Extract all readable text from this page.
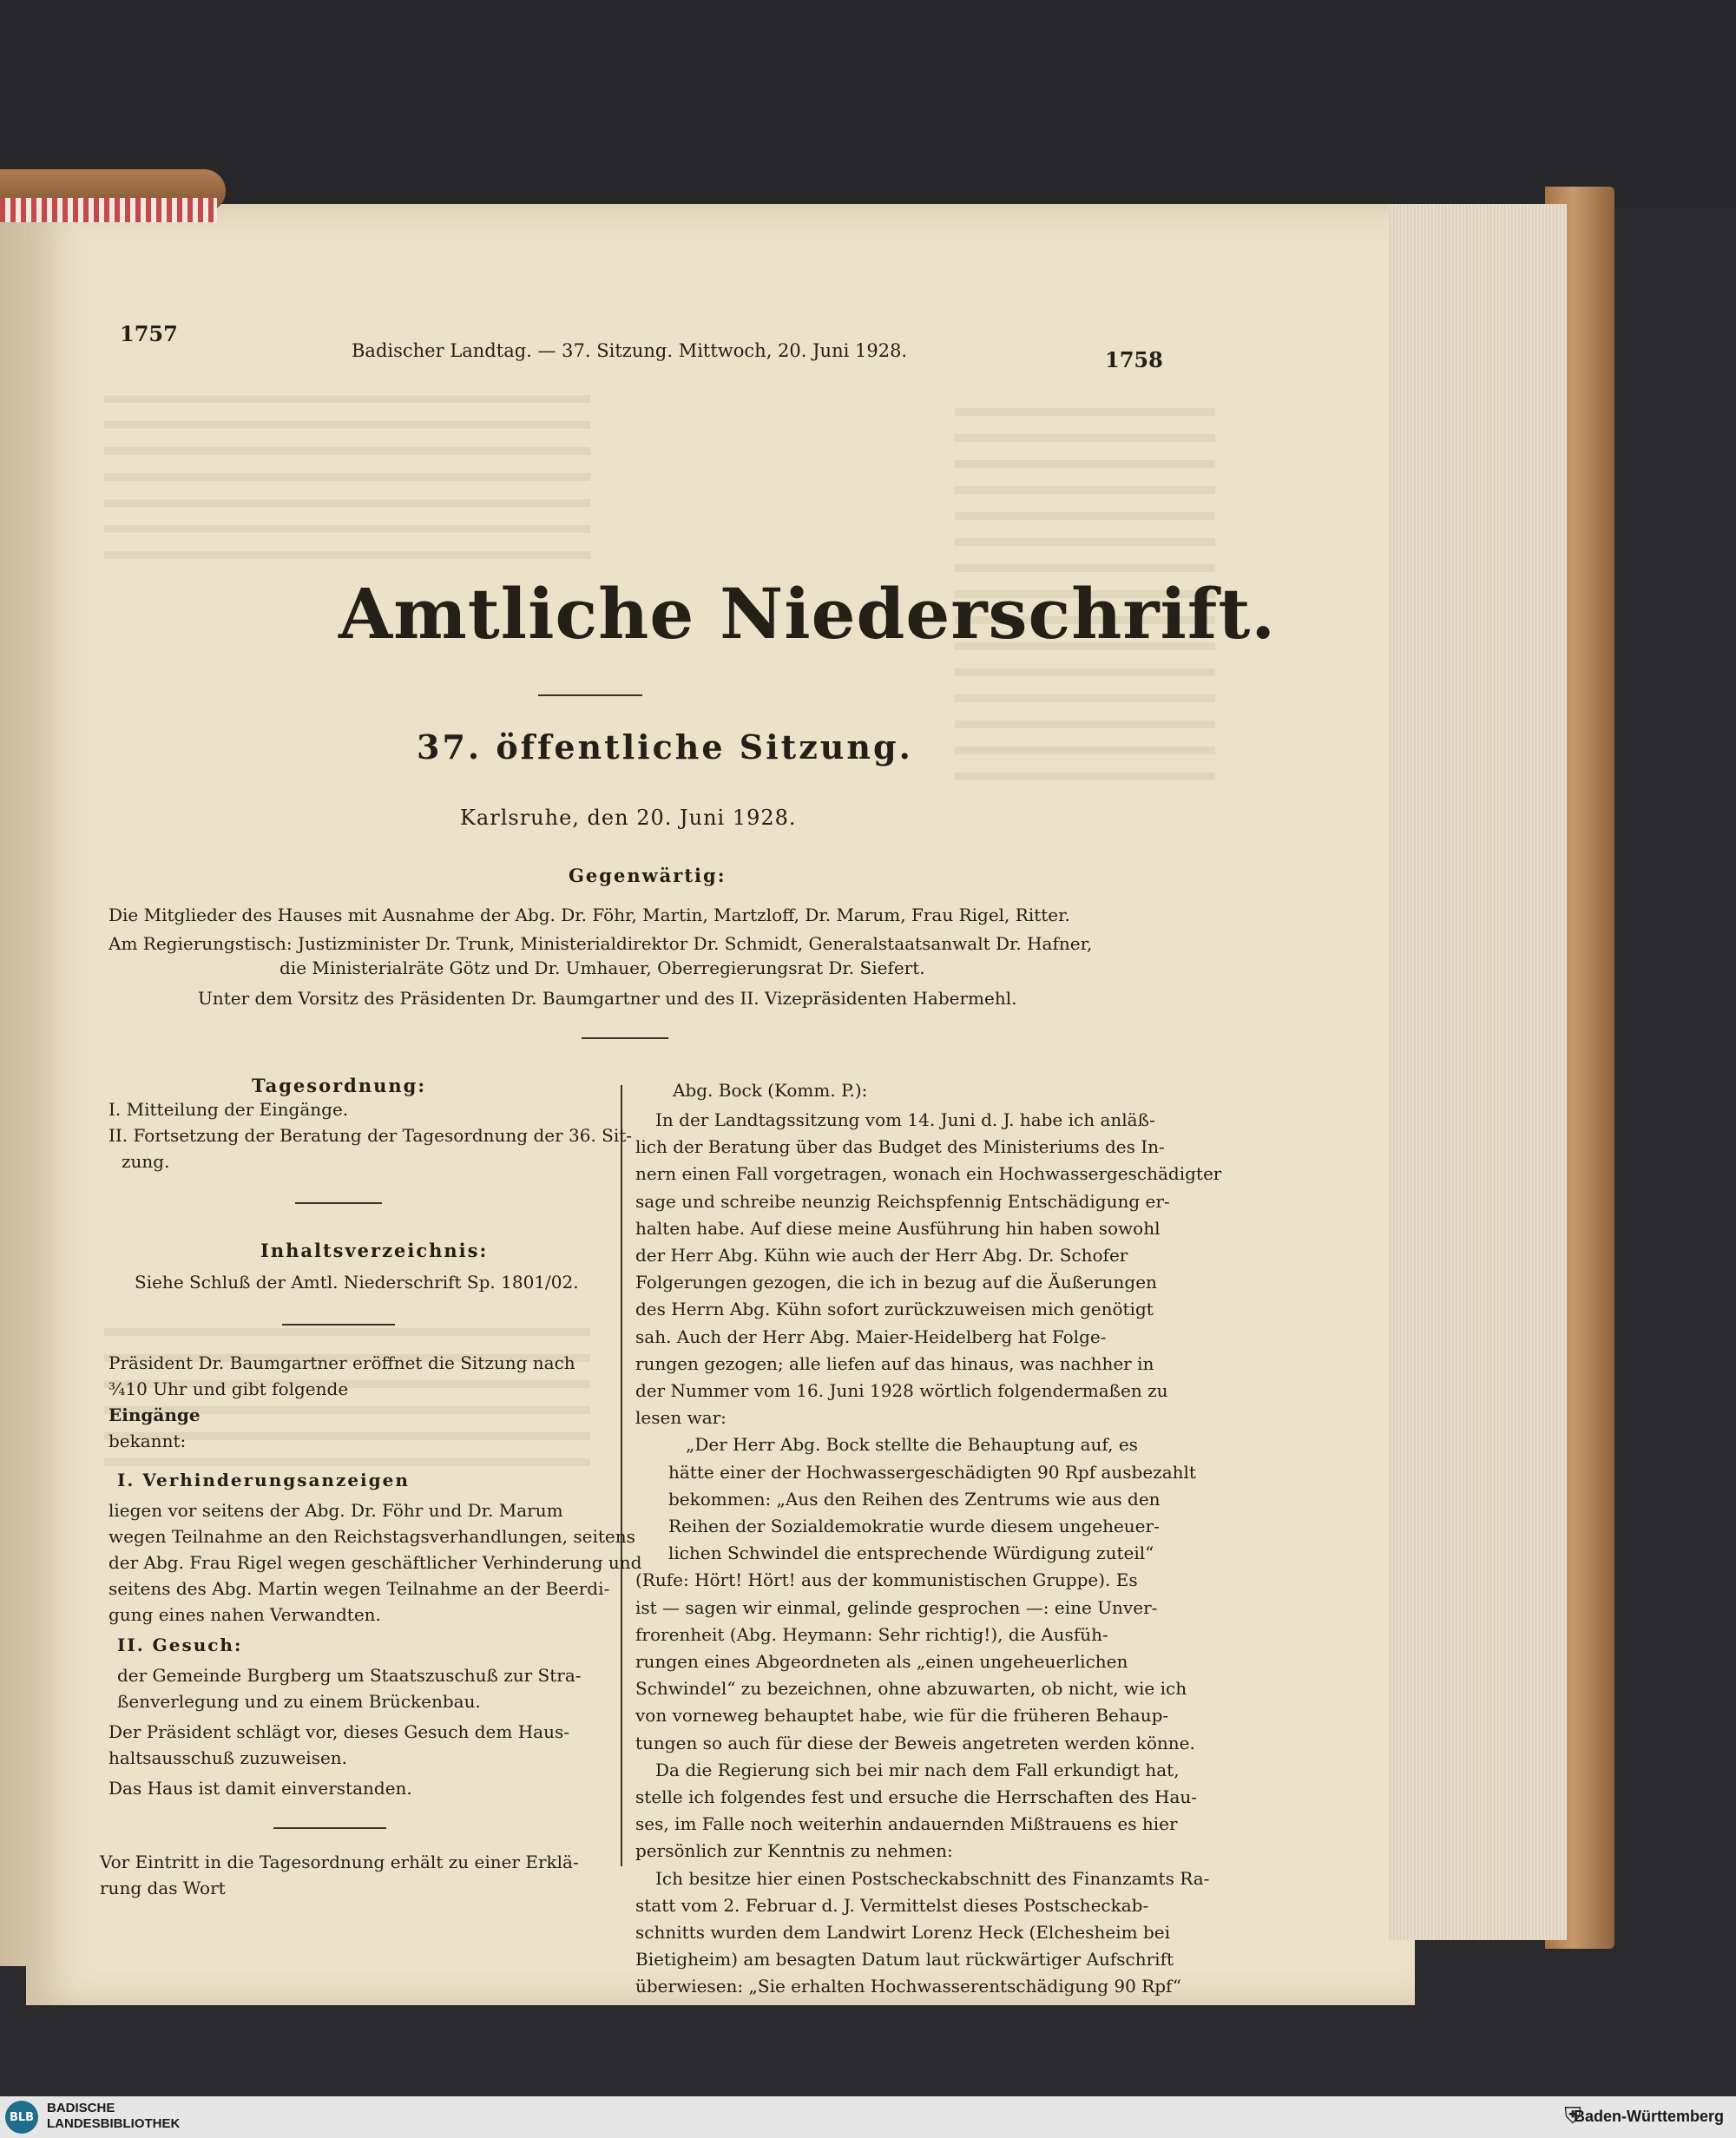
1757
Badischer Landtag. — 37. Sitzung. Mittwoch, 20. Juni 1928.	1758
Amtliche Niederschrift.
37. öffentliche Sitzung.
Karlsruhe, den 20. Juni 1928.
Gegenwärtig:
Die Mitglieder des Hauses mit Ausnahme der Abg. Dr. Föhr, Martin, Martzloff, Dr. Marum, Frau Rigel, Ritter.
Am Regierungstisch: Justizminister Dr. Trunk, Ministerialdirektor Dr. Schmidt, Generalstaatsanwalt Dr. Hafner,
die Ministerialräte Götz und Dr. Umhauer, Oberregierungsrat Dr. Siefert.
Unter dem Vorsitz des Präsidenten Dr. Baumgartner und des II. Vizepräsidenten Habermehl.
Tagesordnung:
I. Mitteilung der Eingänge.
II. Fortsetzung der Beratung der Tagesordnung der 36. Sit-
zung.
Inhaltsverzeichnis:
Siehe Schluß der Amtl. Niederschrift Sp. 1801/02.
Präsident Dr. Baumgartner eröffnet die Sitzung nach
¾10 Uhr und gibt folgende
Eingänge
bekannt:
I. Verhinderungsanzeigen
liegen vor seitens der Abg. Dr. Föhr und Dr. Marum
wegen Teilnahme an den Reichstagsverhandlungen, seitens
der Abg. Frau Rigel wegen geschäftlicher Verhinderung und
seitens des Abg. Martin wegen Teilnahme an der Beerdi-
gung eines nahen Verwandten.
II. Gesuch:
der Gemeinde Burgberg um Staatszuschuß zur Stra-
ßenverlegung und zu einem Brückenbau.
Der Präsident schlägt vor, dieses Gesuch dem Haus-
haltsausschuß zuzuweisen.
Das Haus ist damit einverstanden.
Vor Eintritt in die Tagesordnung erhält zu einer Erklä-
rung das Wort
Abg. Bock (Komm. P.):
In der Landtagssitzung vom 14. Juni d. J. habe ich anläß-
lich der Beratung über das Budget des Ministeriums des In-
nern einen Fall vorgetragen, wonach ein Hochwassergeschädigter
sage und schreibe neunzig Reichspfennig Entschädigung er-
halten habe. Auf diese meine Ausführung hin haben sowohl
der Herr Abg. Kühn wie auch der Herr Abg. Dr. Schofer
Folgerungen gezogen, die ich in bezug auf die Äußerungen
des Herrn Abg. Kühn sofort zurückzuweisen mich genötigt
sah. Auch der Herr Abg. Maier-Heidelberg hat Folge-
rungen gezogen; alle liefen auf das hinaus, was nachher in
der Nummer vom 16. Juni 1928 wörtlich folgendermaßen zu
lesen war:
„Der Herr Abg. Bock stellte die Behauptung auf, es
hätte einer der Hochwassergeschädigten 90 Rpf ausbezahlt
bekommen: „Aus den Reihen des Zentrums wie aus den
Reihen der Sozialdemokratie wurde diesem ungeheuer-
lichen Schwindel die entsprechende Würdigung zuteil“
(Rufe: Hört! Hört! aus der kommunistischen Gruppe). Es
ist — sagen wir einmal, gelinde gesprochen —: eine Unver-
frorenheit (Abg. Heymann: Sehr richtig!), die Ausfüh-
rungen eines Abgeordneten als „einen ungeheuerlichen
Schwindel“ zu bezeichnen, ohne abzuwarten, ob nicht, wie ich
von vorneweg behauptet habe, wie für die früheren Behaup-
tungen so auch für diese der Beweis angetreten werden könne.
Da die Regierung sich bei mir nach dem Fall erkundigt hat,
stelle ich folgendes fest und ersuche die Herrschaften des Hau-
ses, im Falle noch weiterhin andauernden Mißtrauens es hier
persönlich zur Kenntnis zu nehmen:
Ich besitze hier einen Postscheckabschnitt des Finanzamts Ra-
statt vom 2. Februar d. J. Vermittelst dieses Postscheckab-
schnitts wurden dem Landwirt Lorenz Heck (Elchesheim bei
Bietigheim) am besagten Datum laut rückwärtiger Aufschrift
überwiesen: „Sie erhalten Hochwasserentschädigung 90 Rpf“
BLB
BADISCHE
LANDESBIBLIOTHEK	⛨
Baden-Württemberg
